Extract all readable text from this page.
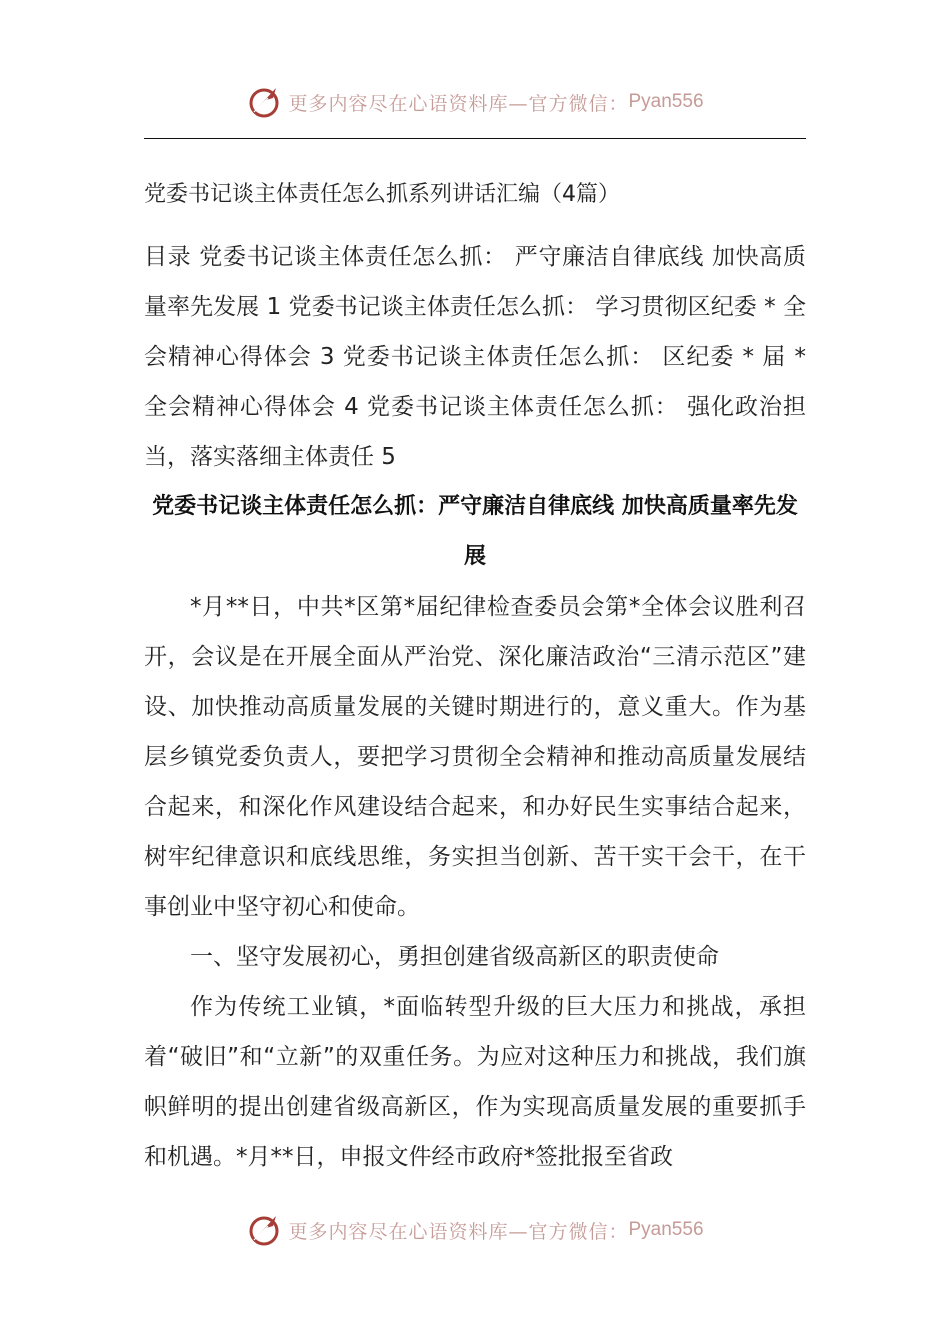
更多内容尽在心语资料库—官方微信： Pyan556
党委书记谈主体责任怎么抓系列讲话汇编（4篇）

目录 党委书记谈主体责任怎么抓： 严守廉洁自律底线 加快高质量率先发展 1 党委书记谈主体责任怎么抓： 学习贯彻区纪委 * 全会精神心得体会 3 党委书记谈主体责任怎么抓： 区纪委 * 届 * 全会精神心得体会 4 党委书记谈主体责任怎么抓： 强化政治担当，落实落细主体责任 5

党委书记谈主体责任怎么抓：严守廉洁自律底线 加快高质量率先发展

*月**日，中共*区第*届纪律检查委员会第*全体会议胜利召开，会议是在开展全面从严治党、深化廉洁政治“三清示范区”建设、加快推动高质量发展的关键时期进行的，意义重大。作为基层乡镇党委负责人，要把学习贯彻全会精神和推动高质量发展结合起来，和深化作风建设结合起来，和办好民生实事结合起来，树牢纪律意识和底线思维，务实担当创新、苦干实干会干，在干事创业中坚守初心和使命。

一、坚守发展初心，勇担创建省级高新区的职责使命

作为传统工业镇，*面临转型升级的巨大压力和挑战，承担着“破旧”和“立新”的双重任务。为应对这种压力和挑战，我们旗帜鲜明的提出创建省级高新区，作为实现高质量发展的重要抓手和机遇。*月**日，申报文件经市政府*签批报至省政

更多内容尽在心语资料库—官方微信： Pyan556
